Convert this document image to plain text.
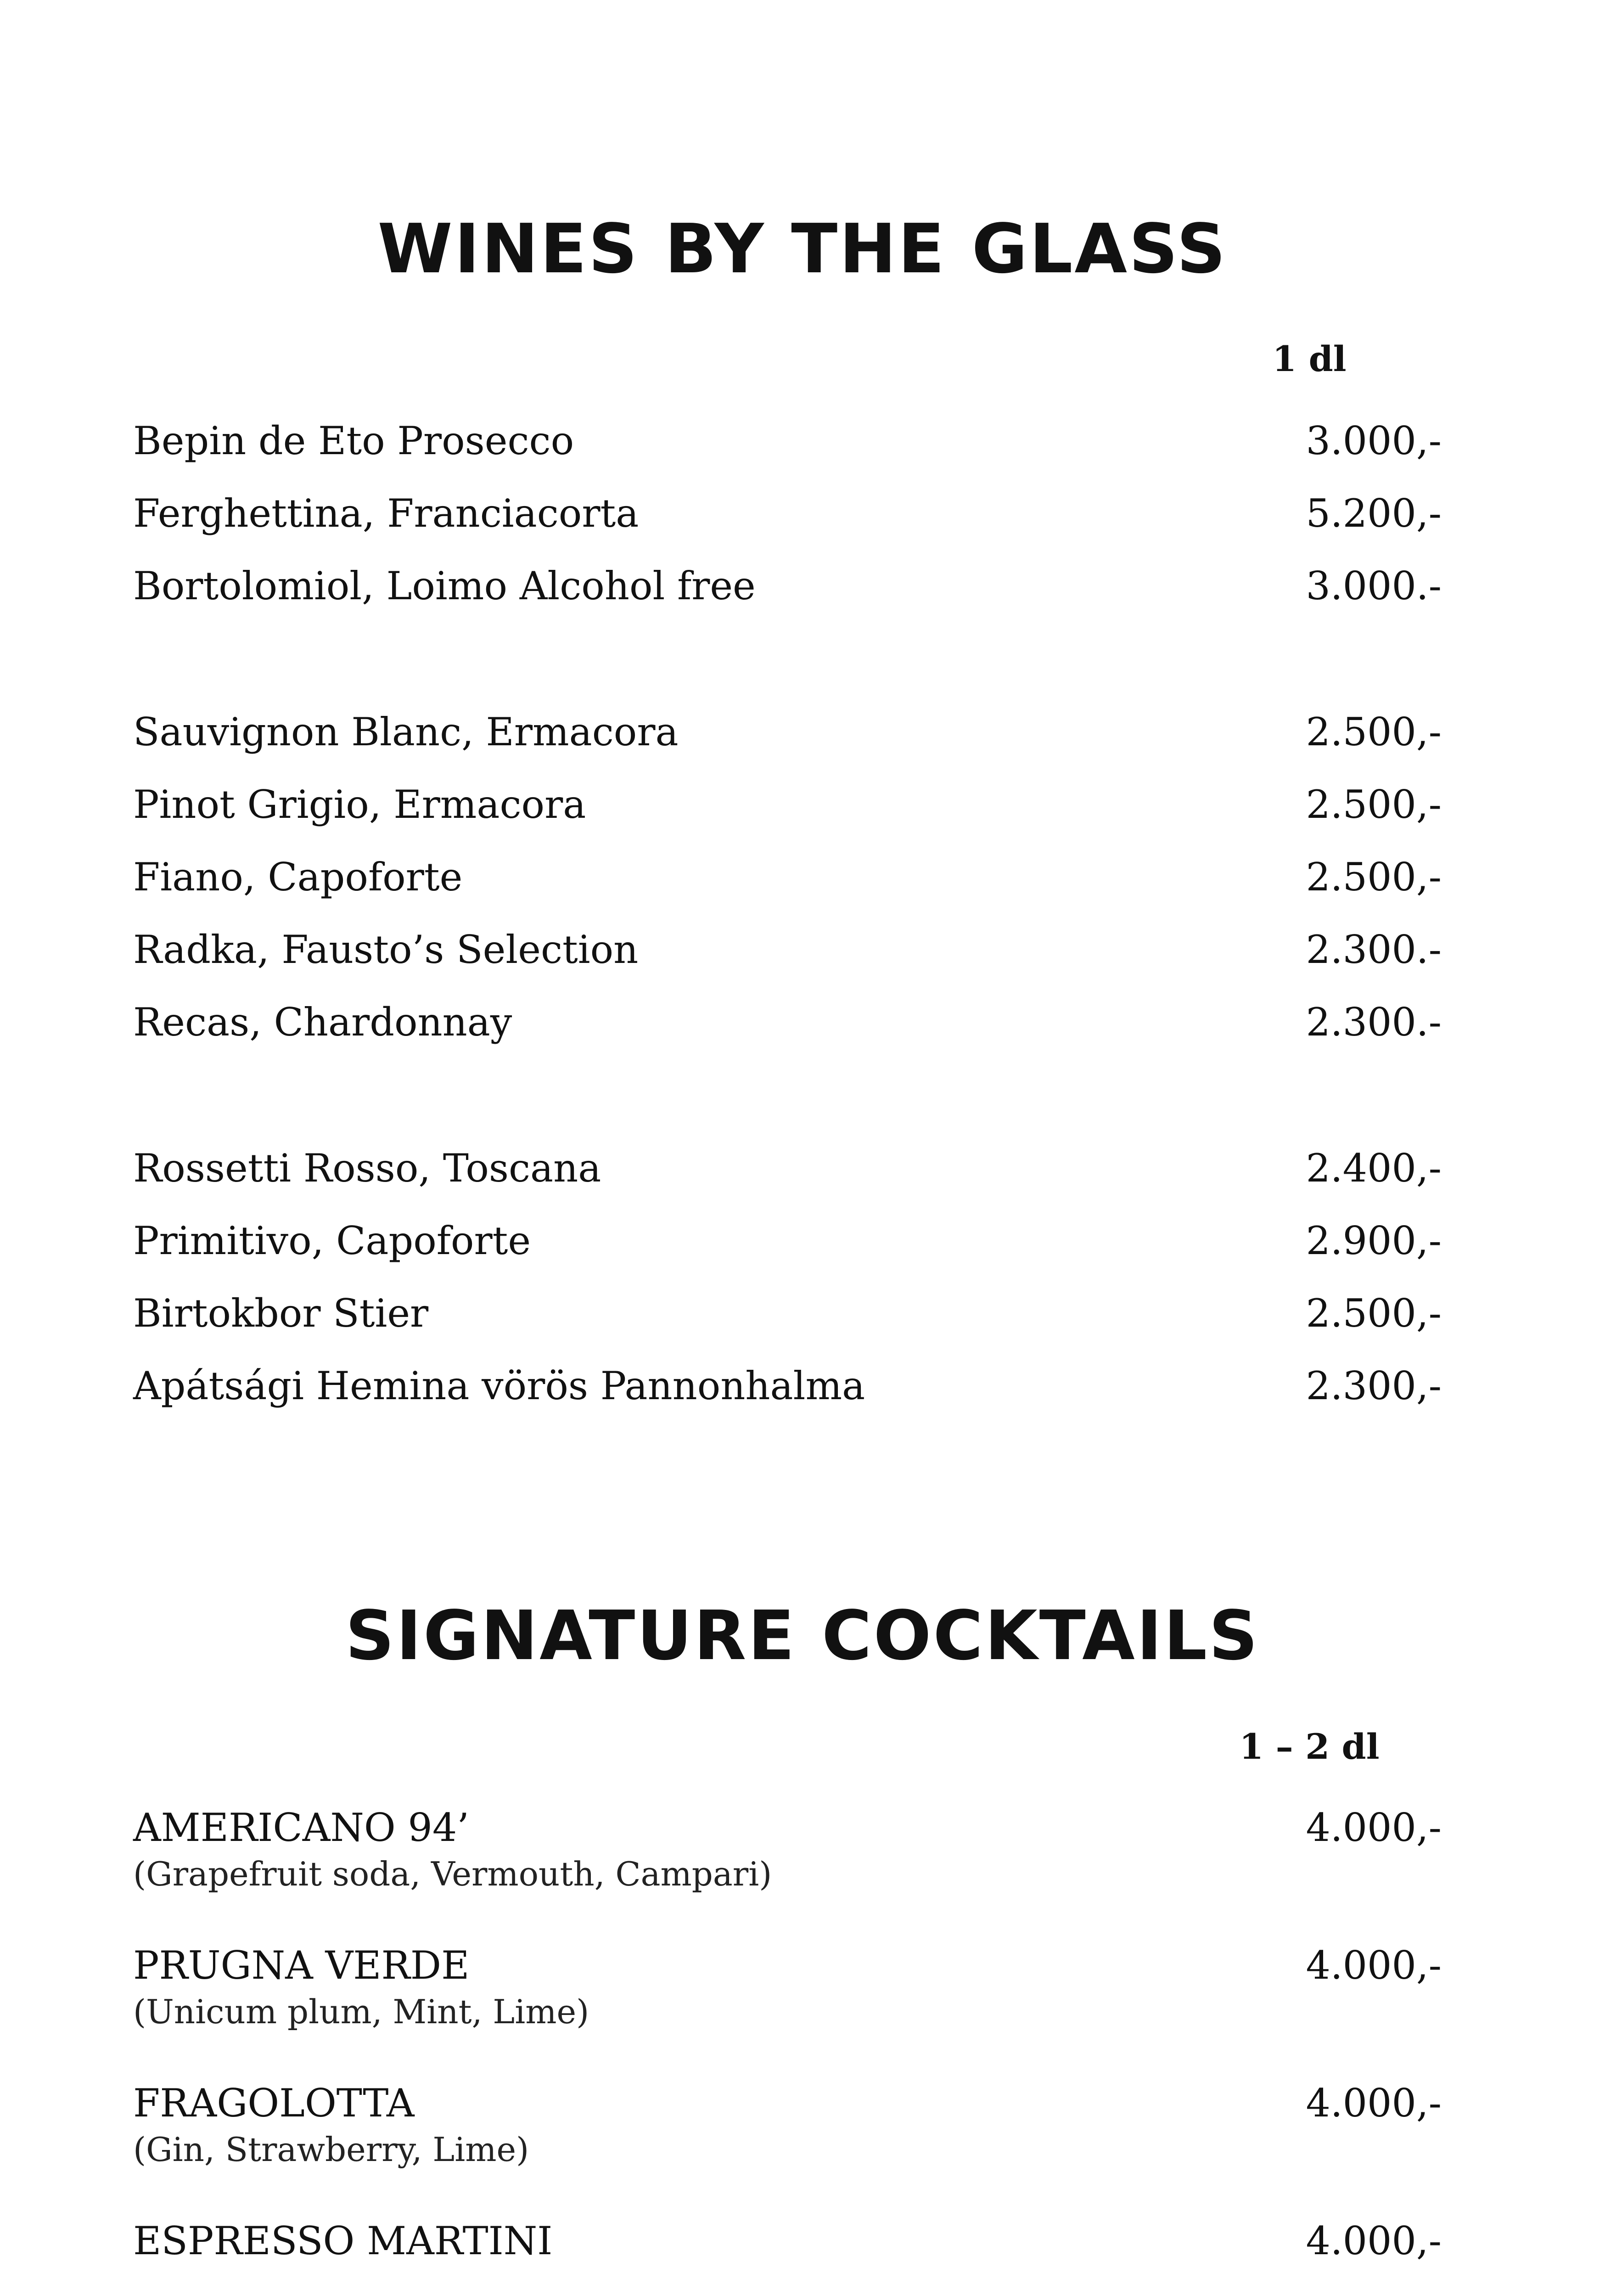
WINES BY THE GLASS
1 dl
Bepin de Eto Prosecco	3.000,-
Ferghettina, Franciacorta	5.200,-
Bortolomiol, Loimo Alcohol free	3.000.-
Sauvignon Blanc, Ermacora	2.500,-
Pinot Grigio, Ermacora	2.500,-
Fiano, Capoforte	2.500,-
Radka, Fausto’s Selection	2.300.-
Recas, Chardonnay	2.300.-
Rossetti Rosso, Toscana	2.400,-
Primitivo, Capoforte	2.900,-
Birtokbor Stier	2.500,-
Apátsági Hemina vörös Pannonhalma	2.300,-
SIGNATURE COCKTAILS
1 – 2 dl
AMERICANO 94’	4.000,-
(Grapefruit soda, Vermouth, Campari)
PRUGNA VERDE	4.000,-
(Unicum plum, Mint, Lime)
FRAGOLOTTA	4.000,-
(Gin, Strawberry, Lime)
ESPRESSO MARTINI	4.000,-
